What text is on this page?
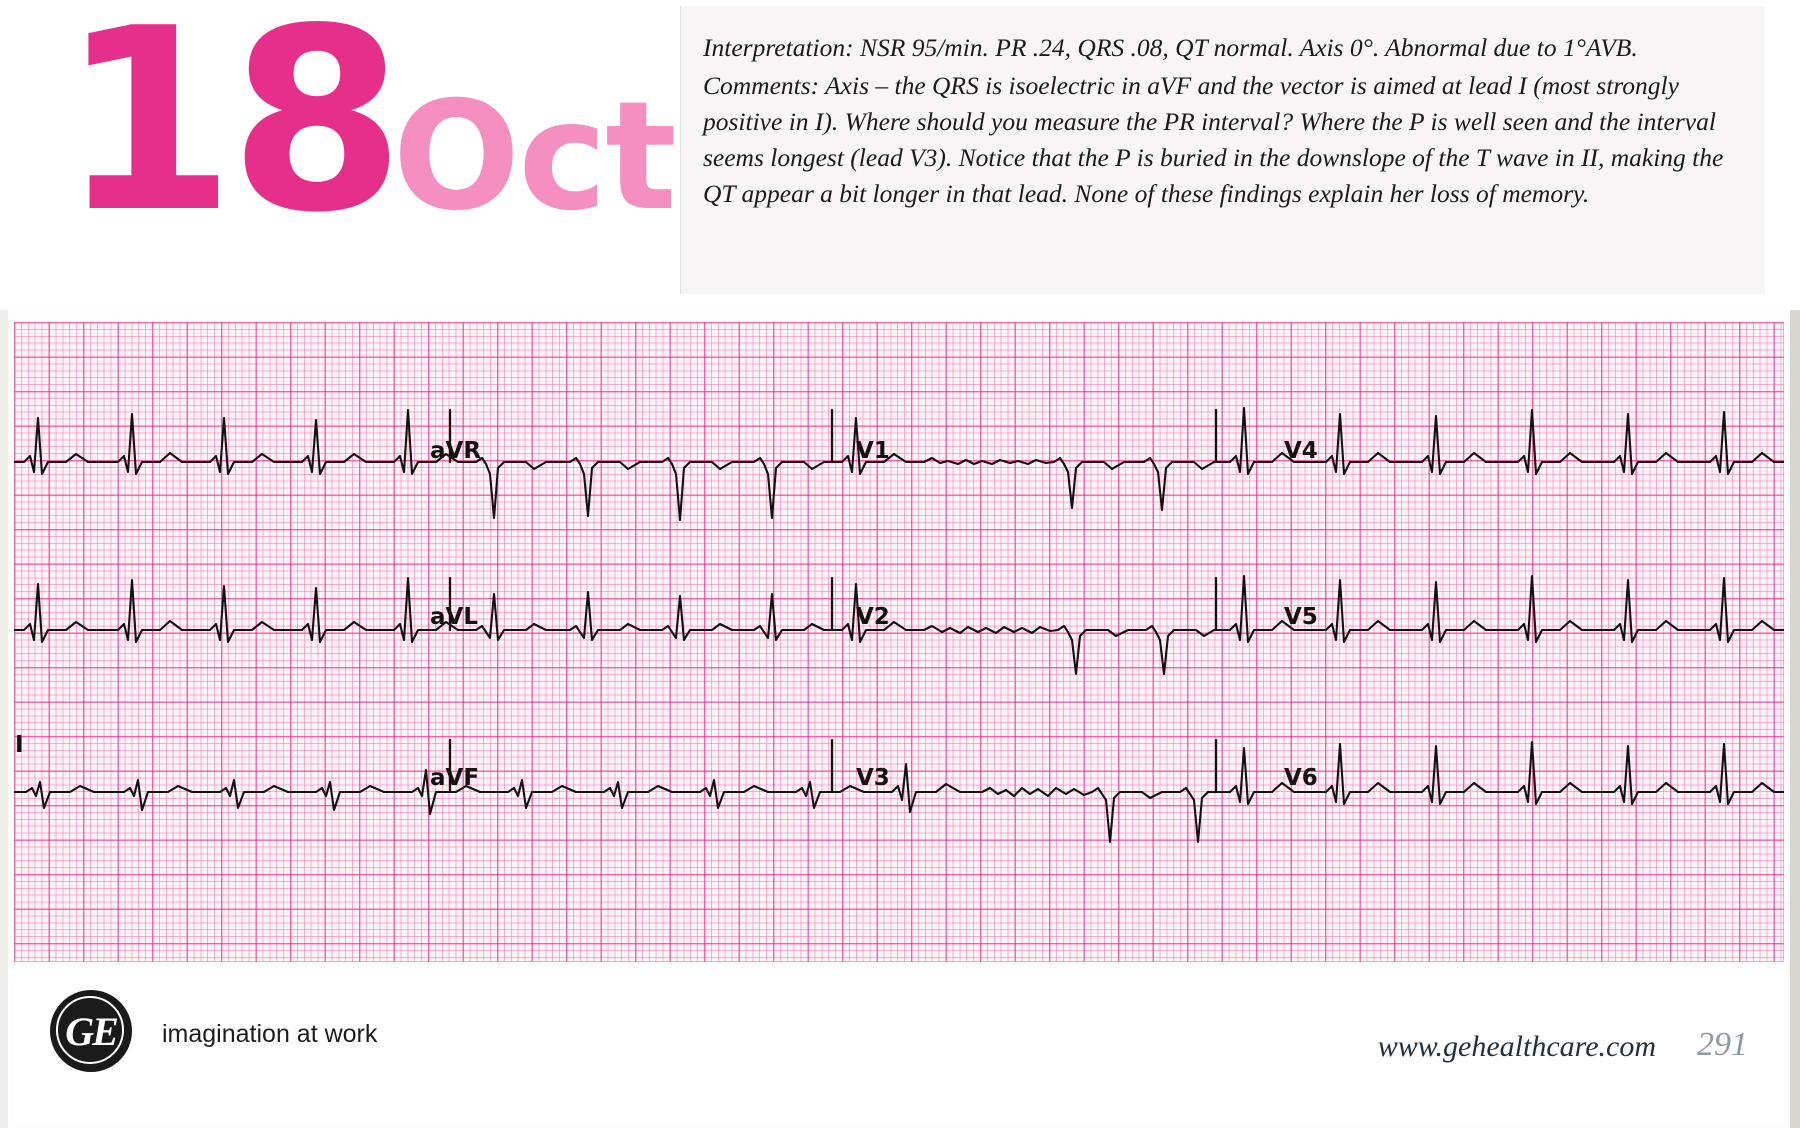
18Oct

Interpretation: NSR 95/min. PR .24, QRS .08, QT normal. Axis 0°. Abnormal due to 1°AVB.

Comments: Axis – the QRS is isoelectric in aVF and the vector is aimed at lead I (most strongly positive in I). Where should you measure the PR interval? Where the P is well seen and the interval seems longest (lead V3). Notice that the P is buried in the downslope of the T wave in II, making the QT appear a bit longer in that lead. None of these findings explain her loss of memory.

I
aVR
aVL
aVF
V1
V2
V3
V4
V5
V6
GE	imagination at work	www.gehealthcare.com 291
